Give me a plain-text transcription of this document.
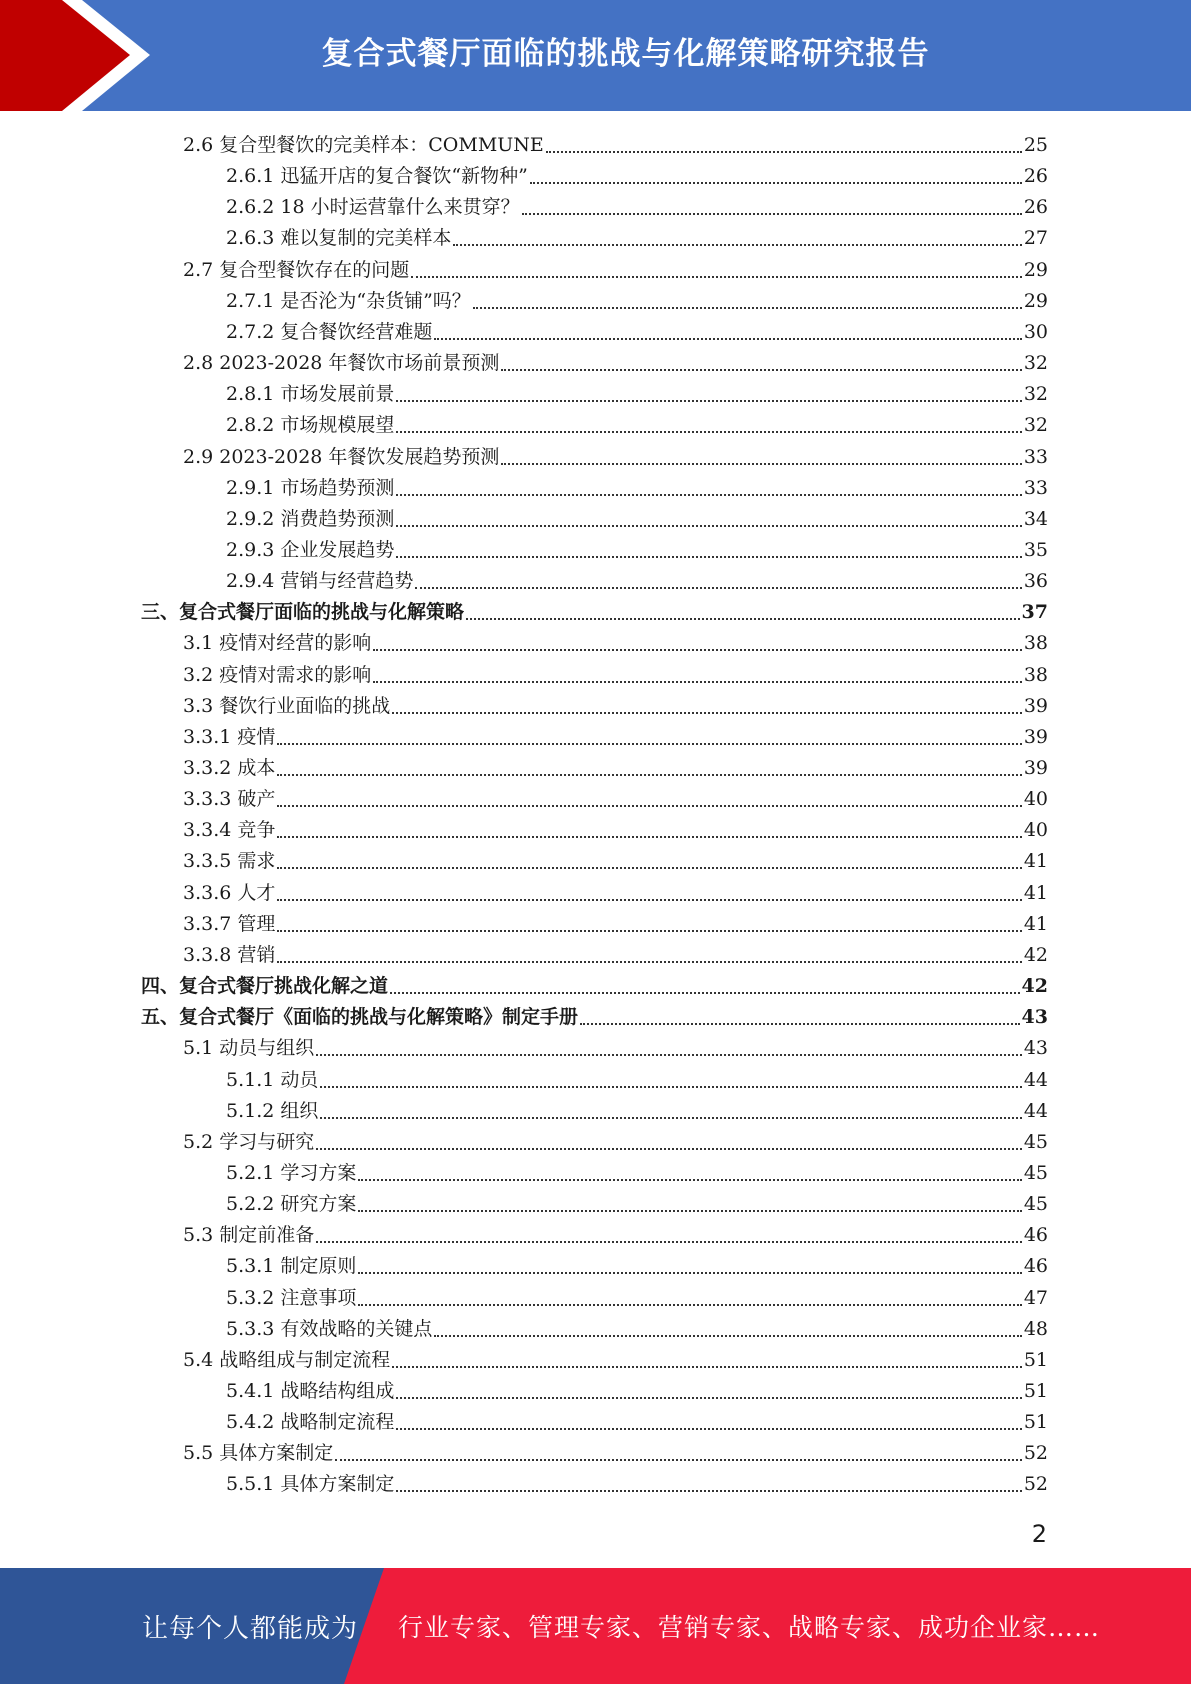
复合式餐厅面临的挑战与化解策略研究报告
2.6 复合型餐饮的完美样本：COMMUNE	25
2.6.1 迅猛开店的复合餐饮“新物种”	26
2.6.2 18 小时运营靠什么来贯穿？	26
2.6.3 难以复制的完美样本	27
2.7 复合型餐饮存在的问题	29
2.7.1 是否沦为“杂货铺”吗？	29
2.7.2 复合餐饮经营难题	30
2.8 2023-2028 年餐饮市场前景预测	32
2.8.1 市场发展前景	32
2.8.2 市场规模展望	32
2.9 2023-2028 年餐饮发展趋势预测	33
2.9.1 市场趋势预测	33
2.9.2 消费趋势预测	34
2.9.3 企业发展趋势	35
2.9.4 营销与经营趋势	36
三、复合式餐厅面临的挑战与化解策略	37
3.1 疫情对经营的影响	38
3.2 疫情对需求的影响	38
3.3 餐饮行业面临的挑战	39
3.3.1 疫情	39
3.3.2 成本	39
3.3.3 破产	40
3.3.4 竞争	40
3.3.5 需求	41
3.3.6 人才	41
3.3.7 管理	41
3.3.8 营销	42
四、复合式餐厅挑战化解之道	42
五、复合式餐厅《面临的挑战与化解策略》制定手册	43
5.1 动员与组织	43
5.1.1 动员	44
5.1.2 组织	44
5.2 学习与研究	45
5.2.1 学习方案	45
5.2.2 研究方案	45
5.3 制定前准备	46
5.3.1 制定原则	46
5.3.2 注意事项	47
5.3.3 有效战略的关键点	48
5.4 战略组成与制定流程	51
5.4.1 战略结构组成	51
5.4.2 战略制定流程	51
5.5 具体方案制定	52
5.5.1 具体方案制定	52
2
让每个人都能成为 行业专家、管理专家、营销专家、战略专家、成功企业家……
